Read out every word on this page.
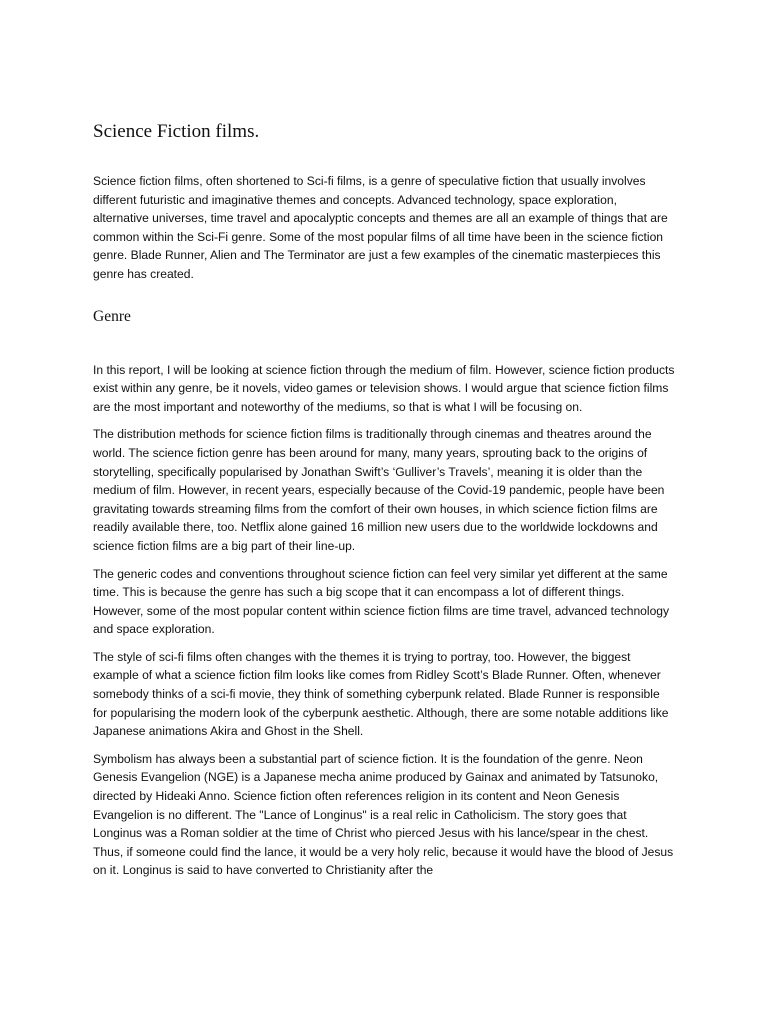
Science Fiction films.

Science fiction films, often shortened to Sci-fi films, is a genre of speculative fiction that usually involves different futuristic and imaginative themes and concepts. Advanced technology, space exploration, alternative universes, time travel and apocalyptic concepts and themes are all an example of things that are common within the Sci-Fi genre. Some of the most popular films of all time have been in the science fiction genre. Blade Runner, Alien and The Terminator are just a few examples of the cinematic masterpieces this genre has created.

Genre

In this report, I will be looking at science fiction through the medium of film. However, science fiction products exist within any genre, be it novels, video games or television shows. I would argue that science fiction films are the most important and noteworthy of the mediums, so that is what I will be focusing on.

The distribution methods for science fiction films is traditionally through cinemas and theatres around the world. The science fiction genre has been around for many, many years, sprouting back to the origins of storytelling, specifically popularised by Jonathan Swift’s ‘Gulliver’s Travels’, meaning it is older than the medium of film. However, in recent years, especially because of the Covid-19 pandemic, people have been gravitating towards streaming films from the comfort of their own houses, in which science fiction films are readily available there, too. Netflix alone gained 16 million new users due to the worldwide lockdowns and science fiction films are a big part of their line-up.

The generic codes and conventions throughout science fiction can feel very similar yet different at the same time. This is because the genre has such a big scope that it can encompass a lot of different things. However, some of the most popular content within science fiction films are time travel, advanced technology and space exploration.

The style of sci-fi films often changes with the themes it is trying to portray, too. However, the biggest example of what a science fiction film looks like comes from Ridley Scott’s Blade Runner. Often, whenever somebody thinks of a sci-fi movie, they think of something cyberpunk related. Blade Runner is responsible for popularising the modern look of the cyberpunk aesthetic. Although, there are some notable additions like Japanese animations Akira and Ghost in the Shell.

Symbolism has always been a substantial part of science fiction. It is the foundation of the genre. Neon Genesis Evangelion (NGE) is a Japanese mecha anime produced by Gainax and animated by Tatsunoko, directed by Hideaki Anno. Science fiction often references religion in its content and Neon Genesis Evangelion is no different. The "Lance of Longinus" is a real relic in Catholicism. The story goes that Longinus was a Roman soldier at the time of Christ who pierced Jesus with his lance/spear in the chest. Thus, if someone could find the lance, it would be a very holy relic, because it would have the blood of Jesus on it. Longinus is said to have converted to Christianity after the
